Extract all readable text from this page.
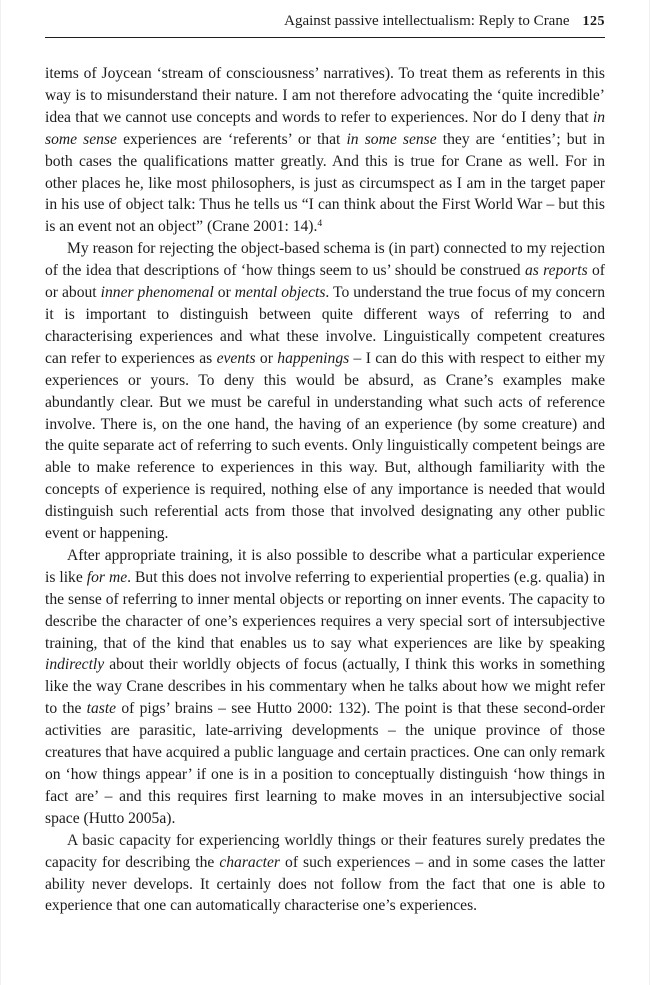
Against passive intellectualism: Reply to Crane 125

items of Joycean ‘stream of consciousness’ narratives). To treat them as referents in this way is to misunderstand their nature. I am not therefore advocating the ‘quite incredible’ idea that we cannot use concepts and words to refer to experiences. Nor do I deny that in some sense experiences are ‘referents’ or that in some sense they are ‘entities’; but in both cases the qualifications matter greatly. And this is true for Crane as well. For in other places he, like most philosophers, is just as circumspect as I am in the target paper in his use of object talk: Thus he tells us “I can think about the First World War – but this is an event not an object” (Crane 2001: 14).$^4$

My reason for rejecting the object-based schema is (in part) connected to my rejection of the idea that descriptions of ‘how things seem to us’ should be construed as reports of or about inner phenomenal or mental objects. To understand the true focus of my concern it is important to distinguish between quite different ways of referring to and characterising experiences and what these involve. Linguistically competent creatures can refer to experiences as events or happenings – I can do this with respect to either my experiences or yours. To deny this would be absurd, as Crane’s examples make abundantly clear. But we must be careful in understanding what such acts of reference involve. There is, on the one hand, the having of an experience (by some creature) and the quite separate act of referring to such events. Only linguistically competent beings are able to make reference to experiences in this way. But, although familiarity with the concepts of experience is required, nothing else of any importance is needed that would distinguish such referential acts from those that involved designating any other public event or happening.

After appropriate training, it is also possible to describe what a particular experience is like for me. But this does not involve referring to experiential properties (e.g. qualia) in the sense of referring to inner mental objects or reporting on inner events. The capacity to describe the character of one’s experiences requires a very special sort of intersubjective training, that of the kind that enables us to say what experiences are like by speaking indirectly about their worldly objects of focus (actually, I think this works in something like the way Crane describes in his commentary when he talks about how we might refer to the taste of pigs’ brains – see Hutto 2000: 132). The point is that these second-order activities are parasitic, late-arriving developments – the unique province of those creatures that have acquired a public language and certain practices. One can only remark on ‘how things appear’ if one is in a position to conceptually distinguish ‘how things in fact are’ – and this requires first learning to make moves in an intersubjective social space (Hutto 2005a).

A basic capacity for experiencing worldly things or their features surely predates the capacity for describing the character of such experiences – and in some cases the latter ability never develops. It certainly does not follow from the fact that one is able to experience that one can automatically characterise one’s experiences.
